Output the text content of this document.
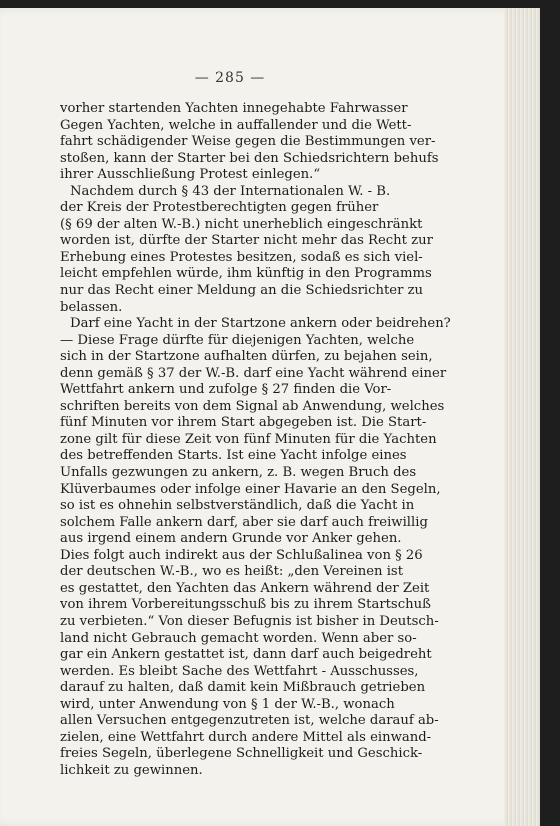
— 285 —
vorher startenden Yachten innegehabte Fahrwasser
Gegen Yachten, welche in auffallender und die Wett-
fahrt schädigender Weise gegen die Bestimmungen ver-
stoßen, kann der Starter bei den Schiedsrichtern behufs
ihrer Ausschließung Protest einlegen.“
Nachdem durch § 43 der Internationalen W. - B.
der Kreis der Protestberechtigten gegen früher
(§ 69 der alten W.-B.) nicht unerheblich eingeschränkt
worden ist, dürfte der Starter nicht mehr das Recht zur
Erhebung eines Protestes besitzen, sodaß es sich viel-
leicht empfehlen würde, ihm künftig in den Programms
nur das Recht einer Meldung an die Schiedsrichter zu
belassen.
Darf eine Yacht in der Startzone ankern oder beidrehen?
— Diese Frage dürfte für diejenigen Yachten, welche
sich in der Startzone aufhalten dürfen, zu bejahen sein,
denn gemäß § 37 der W.-B. darf eine Yacht während einer
Wettfahrt ankern und zufolge § 27 finden die Vor-
schriften bereits von dem Signal ab Anwendung, welches
fünf Minuten vor ihrem Start abgegeben ist. Die Start-
zone gilt für diese Zeit von fünf Minuten für die Yachten
des betreffenden Starts. Ist eine Yacht infolge eines
Unfalls gezwungen zu ankern, z. B. wegen Bruch des
Klüverbaumes oder infolge einer Havarie an den Segeln,
so ist es ohnehin selbstverständlich, daß die Yacht in
solchem Falle ankern darf, aber sie darf auch freiwillig
aus irgend einem andern Grunde vor Anker gehen.
Dies folgt auch indirekt aus der Schlußalinea von § 26
der deutschen W.-B., wo es heißt: „den Vereinen ist
es gestattet, den Yachten das Ankern während der Zeit
von ihrem Vorbereitungsschuß bis zu ihrem Startschuß
zu verbieten.“ Von dieser Befugnis ist bisher in Deutsch-
land nicht Gebrauch gemacht worden. Wenn aber so-
gar ein Ankern gestattet ist, dann darf auch beigedreht
werden. Es bleibt Sache des Wettfahrt - Ausschusses,
darauf zu halten, daß damit kein Mißbrauch getrieben
wird, unter Anwendung von § 1 der W.-B., wonach
allen Versuchen entgegenzutreten ist, welche darauf ab-
zielen, eine Wettfahrt durch andere Mittel als einwand-
freies Segeln, überlegene Schnelligkeit und Geschick-
lichkeit zu gewinnen.
